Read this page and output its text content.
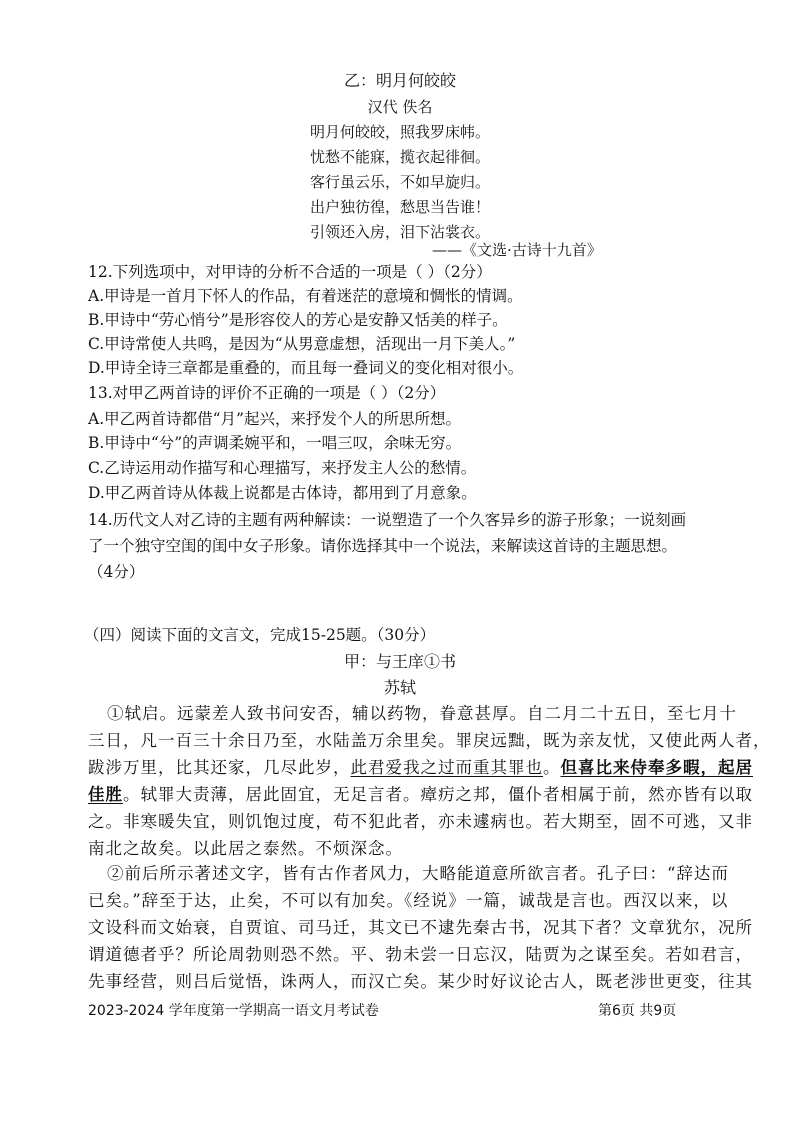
乙：明月何皎皎
汉代 佚名
明月何皎皎，照我罗床帏。
忧愁不能寐，揽衣起徘徊。
客行虽云乐，不如早旋归。
出户独彷徨，愁思当告谁！
引领还入房，泪下沾裳衣。
——《文选·古诗十九首》
12.下列选项中，对甲诗的分析不合适的一项是（ ）（2分）
A.甲诗是一首月下怀人的作品，有着迷茫的意境和惆怅的情调。
B.甲诗中“劳心悄兮”是形容佼人的芳心是安静又恬美的样子。
C.甲诗常使人共鸣，是因为“从男意虚想，活现出一月下美人。”
D.甲诗全诗三章都是重叠的，而且每一叠词义的变化相对很小。
13.对甲乙两首诗的评价不正确的一项是（ ）（2分）
A.甲乙两首诗都借“月”起兴，来抒发个人的所思所想。
B.甲诗中“兮”的声调柔婉平和，一唱三叹，余味无穷。
C.乙诗运用动作描写和心理描写，来抒发主人公的愁情。
D.甲乙两首诗从体裁上说都是古体诗，都用到了月意象。
14.历代文人对乙诗的主题有两种解读：一说塑造了一个久客异乡的游子形象；一说刻画
了一个独守空闺的闺中女子形象。请你选择其中一个说法，来解读这首诗的主题思想。
（4分）
（四）阅读下面的文言文，完成15-25题。（30分）
甲：与王庠①书
苏轼
①轼启。远蒙差人致书问安否，辅以药物，眷意甚厚。自二月二十五日，至七月十
三日，凡一百三十余日乃至，水陆盖万余里矣。罪戾远黜，既为亲友忧，又使此两人者，
跋涉万里，比其还家，几尽此岁，此君爱我之过而重其罪也。但喜比来侍奉多暇，起居
佳胜。轼罪大责薄，居此固宜，无足言者。瘴疠之邦，僵仆者相属于前，然亦皆有以取
之。非寒暖失宜，则饥饱过度，苟不犯此者，亦未遽病也。若大期至，固不可逃，又非
南北之故矣。以此居之泰然。不烦深念。
②前后所示著述文字，皆有古作者风力，大略能道意所欲言者。孔子曰：“辞达而
已矣。”辞至于达，止矣，不可以有加矣。《经说》一篇，诚哉是言也。西汉以来，以
文设科而文始衰，自贾谊、司马迁，其文已不逮先秦古书，况其下者？文章犹尔，况所
谓道德者乎？所论周勃则恐不然。平、勃未尝一日忘汉，陆贾为之谋至矣。若如君言，
先事经营，则吕后觉悟，诛两人，而汉亡矣。某少时好议论古人，既老涉世更变，往其
2023-2024 学年度第一学期高一语文月考试卷	第6页 共9页
